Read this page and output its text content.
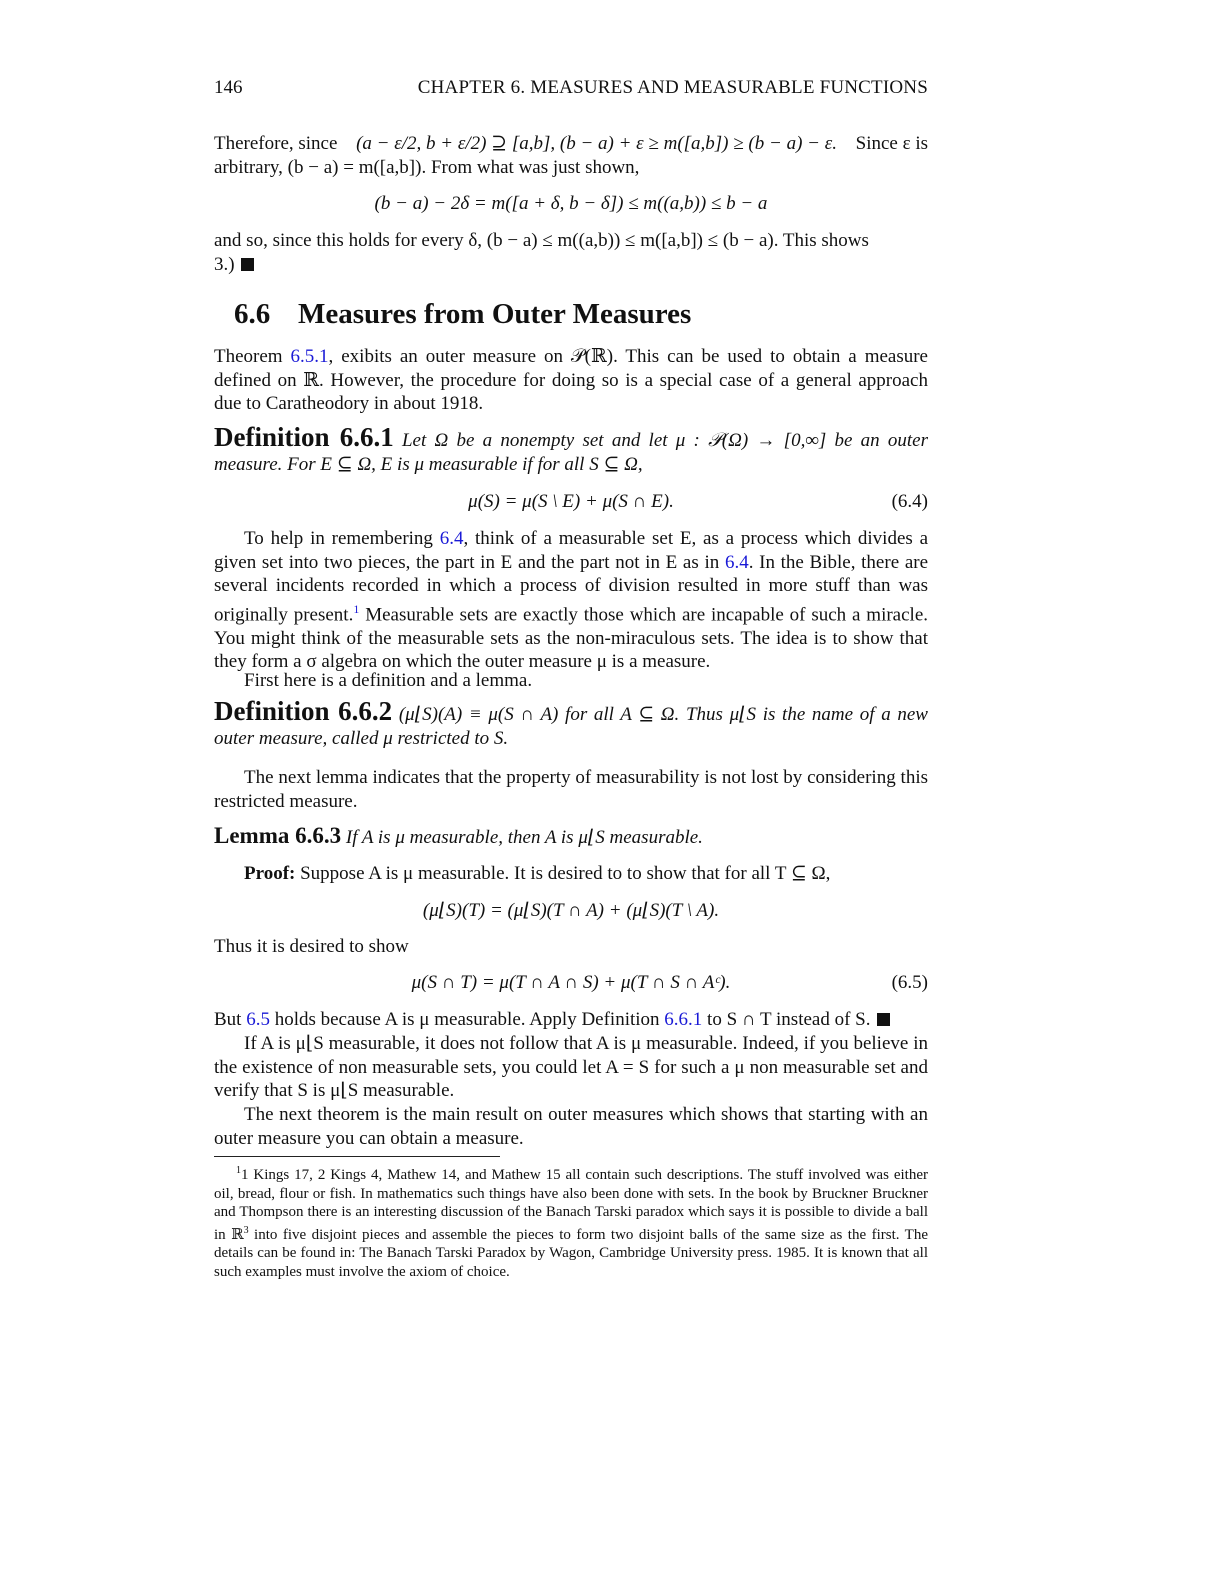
146	CHAPTER 6. MEASURES AND MEASURABLE FUNCTIONS
Therefore, since (a − ε/2, b + ε/2) ⊇ [a,b], (b − a) + ε ≥ m([a,b]) ≥ (b − a) − ε. Since ε is
arbitrary, (b − a) = m([a,b]). From what was just shown,
(b − a) − 2δ = m([a + δ, b − δ]) ≤ m((a,b)) ≤ b − a
and so, since this holds for every δ, (b − a) ≤ m((a,b)) ≤ m([a,b]) ≤ (b − a). This shows
3.)
6.6 Measures from Outer Measures
Theorem 6.5.1, exibits an outer measure on 𝒫(ℝ). This can be used to obtain a measure defined on ℝ. However, the procedure for doing so is a special case of a general approach due to Caratheodory in about 1918.
Definition 6.6.1 Let Ω be a nonempty set and let μ : 𝒫(Ω) → [0,∞] be an outer measure. For E ⊆ Ω, E is μ measurable if for all S ⊆ Ω,
μ(S) = μ(S \ E) + μ(S ∩ E).	(6.4)
To help in remembering 6.4, think of a measurable set E, as a process which divides a given set into two pieces, the part in E and the part not in E as in 6.4. In the Bible, there are several incidents recorded in which a process of division resulted in more stuff than was originally present.$^1$ Measurable sets are exactly those which are incapable of such a miracle. You might think of the measurable sets as the non-miraculous sets. The idea is to show that they form a σ algebra on which the outer measure μ is a measure.
First here is a definition and a lemma.
Definition 6.6.2 (μ⌊S)(A) ≡ μ(S ∩ A) for all A ⊆ Ω. Thus μ⌊S is the name of a new outer measure, called μ restricted to S.
The next lemma indicates that the property of measurability is not lost by considering this restricted measure.
Lemma 6.6.3 If A is μ measurable, then A is μ⌊S measurable.
Proof: Suppose A is μ measurable. It is desired to to show that for all T ⊆ Ω,
(μ⌊S)(T) = (μ⌊S)(T ∩ A) + (μ⌊S)(T \ A).
Thus it is desired to show
μ(S ∩ T) = μ(T ∩ A ∩ S) + μ(T ∩ S ∩ Aᶜ).	(6.5)
But 6.5 holds because A is μ measurable. Apply Definition 6.6.1 to S ∩ T instead of S.
If A is μ⌊S measurable, it does not follow that A is μ measurable. Indeed, if you believe in the existence of non measurable sets, you could let A = S for such a μ non measurable set and verify that S is μ⌊S measurable.
The next theorem is the main result on outer measures which shows that starting with an outer measure you can obtain a measure.
$^1$1 Kings 17, 2 Kings 4, Mathew 14, and Mathew 15 all contain such descriptions. The stuff involved was either oil, bread, flour or fish. In mathematics such things have also been done with sets. In the book by Bruckner Bruckner and Thompson there is an interesting discussion of the Banach Tarski paradox which says it is possible to divide a ball in ℝ$^3$ into five disjoint pieces and assemble the pieces to form two disjoint balls of the same size as the first. The details can be found in: The Banach Tarski Paradox by Wagon, Cambridge University press. 1985. It is known that all such examples must involve the axiom of choice.
